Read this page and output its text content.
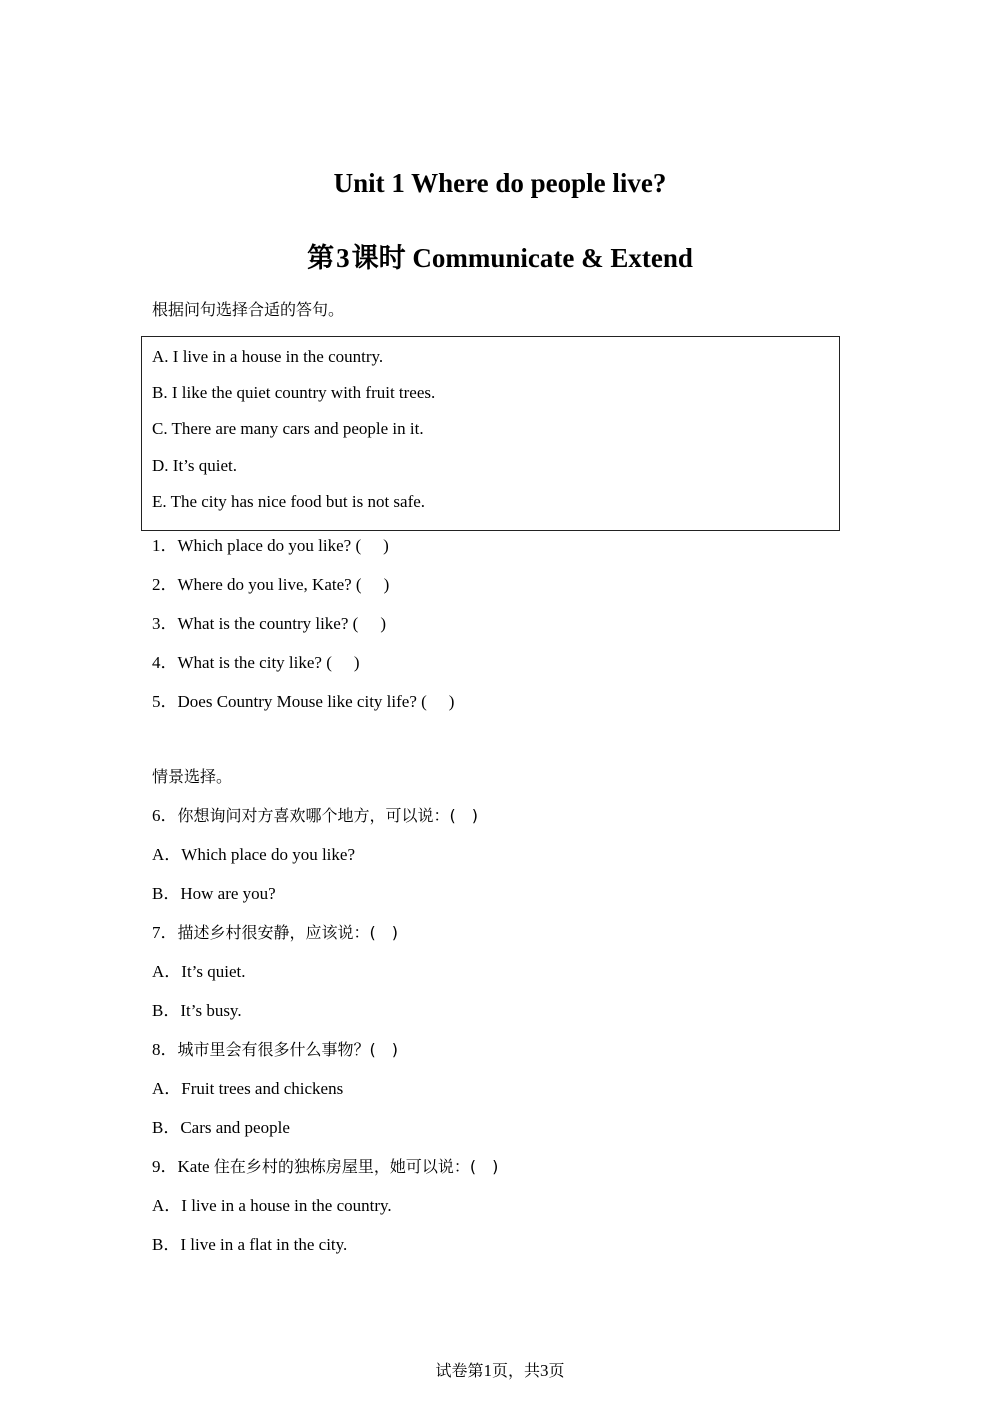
Unit 1 Where do people live?
第3课时 Communicate & Extend
根据问句选择合适的答句。
A. I live in a house in the country.
B. I like the quiet country with fruit trees.
C. There are many cars and people in it.
D. It’s quiet.
E. The city has nice food but is not safe.
1．Which place do you like? ( )
2．Where do you live, Kate? ( )
3．What is the country like? ( )
4．What is the city like? ( )
5．Does Country Mouse like city life? ( )
情景选择。
6．你想询问对方喜欢哪个地方，可以说：(　)
A．Which place do you like?
B．How are you?
7．描述乡村很安静，应该说：(　)
A．It’s quiet.
B．It’s busy.
8．城市里会有很多什么事物？(　)
A．Fruit trees and chickens
B．Cars and people
9．Kate 住在乡村的独栋房屋里，她可以说：(　)
A．I live in a house in the country.
B．I live in a flat in the city.
试卷第1页，共3页
